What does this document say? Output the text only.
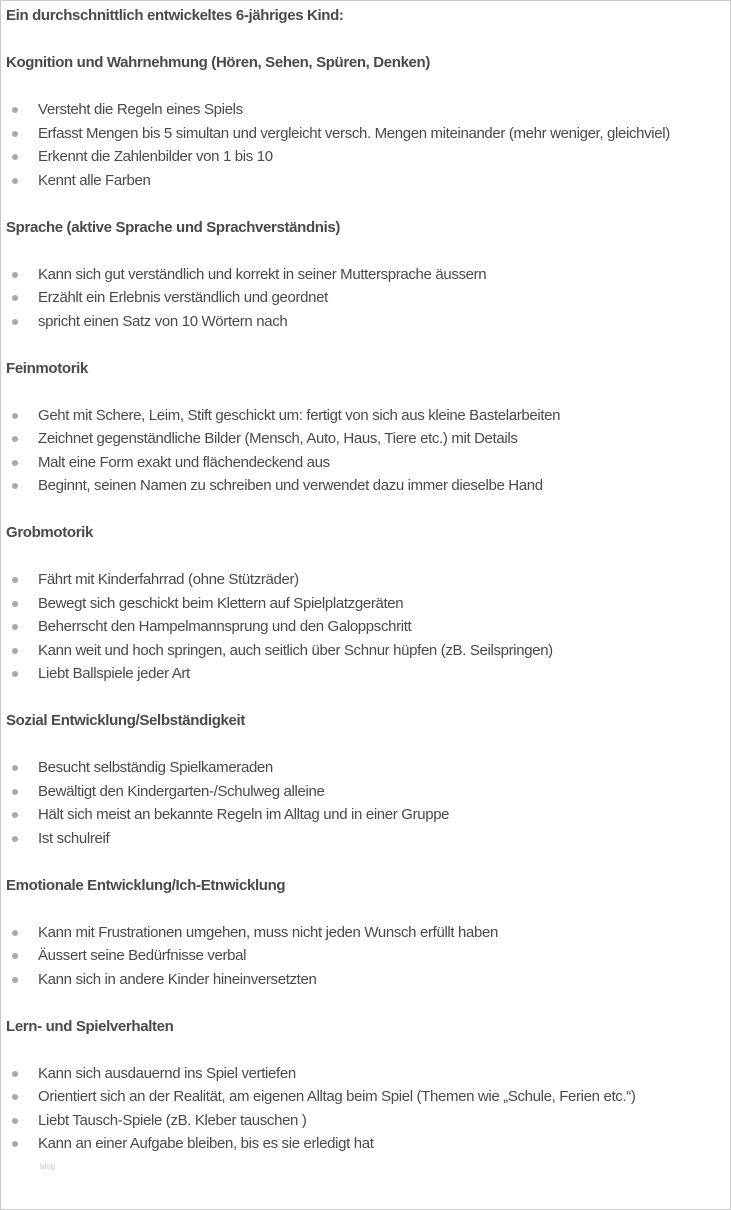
Ein durchschnittlich entwickeltes 6-jähriges Kind:
Kognition und Wahrnehmung (Hören, Sehen, Spüren, Denken)
Versteht die Regeln eines Spiels
Erfasst Mengen bis 5 simultan und vergleicht versch. Mengen miteinander (mehr weniger, gleichviel)
Erkennt die Zahlenbilder von 1 bis 10
Kennt alle Farben
Sprache (aktive Sprache und Sprachverständnis)
Kann sich gut verständlich und korrekt in seiner Muttersprache äussern
Erzählt ein Erlebnis verständlich und geordnet
spricht einen Satz von 10 Wörtern nach
Feinmotorik
Geht mit Schere, Leim, Stift geschickt um: fertigt von sich aus kleine Bastelarbeiten
Zeichnet gegenständliche Bilder (Mensch, Auto, Haus, Tiere etc.) mit Details
Malt eine Form exakt und flächendeckend aus
Beginnt, seinen Namen zu schreiben und verwendet dazu immer dieselbe Hand
Grobmotorik
Fährt mit Kinderfahrrad (ohne Stützräder)
Bewegt sich geschickt beim Klettern auf Spielplatzgeräten
Beherrscht den Hampelmannsprung und den Galoppschritt
Kann weit und hoch springen, auch seitlich über Schnur hüpfen (zB. Seilspringen)
Liebt Ballspiele jeder Art
Sozial Entwicklung/Selbständigkeit
Besucht selbständig Spielkameraden
Bewältigt den Kindergarten-/Schulweg alleine
Hält sich meist an bekannte Regeln im Alltag und in einer Gruppe
Ist schulreif
Emotionale Entwicklung/Ich-Etnwicklung
Kann mit Frustrationen umgehen, muss nicht jeden Wunsch erfüllt haben
Äussert seine Bedürfnisse verbal
Kann sich in andere Kinder hineinversetzten
Lern- und Spielverhalten
Kann sich ausdauernd ins Spiel vertiefen
Orientiert sich an der Realität, am eigenen Alltag beim Spiel (Themen wie „Schule, Ferien etc.“)
Liebt Tausch-Spiele (zB. Kleber tauschen )
Kann an einer Aufgabe bleiben, bis es sie erledigt hat
blog
